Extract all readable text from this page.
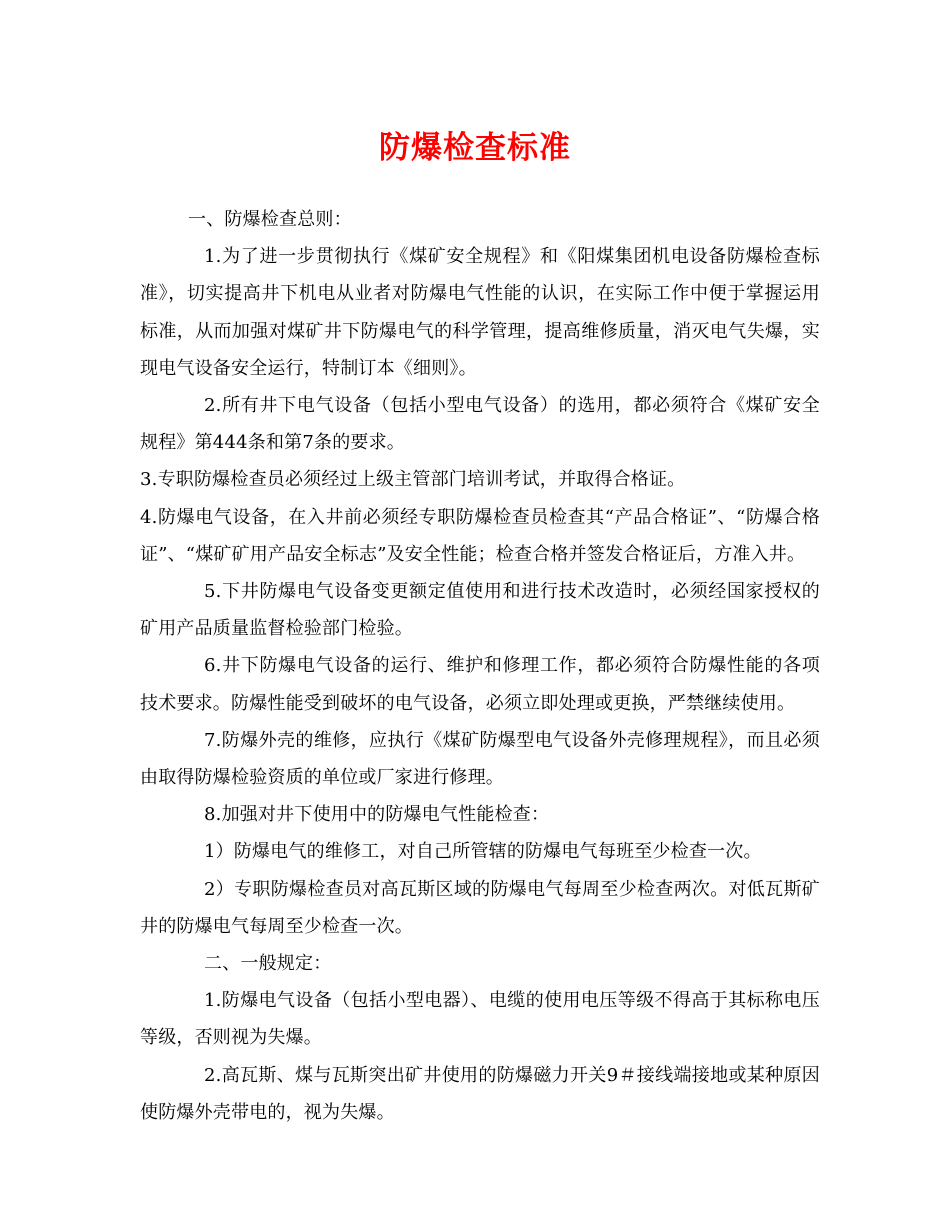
防爆检查标准

一、防爆检查总则：

1.为了进一步贯彻执行《煤矿安全规程》和《阳煤集团机电设备防爆检查标准》，切实提高井下机电从业者对防爆电气性能的认识，在实际工作中便于掌握运用标准，从而加强对煤矿井下防爆电气的科学管理，提高维修质量，消灭电气失爆，实现电气设备安全运行，特制订本《细则》。

2.所有井下电气设备（包括小型电气设备）的选用，都必须符合《煤矿安全规程》第444条和第7条的要求。

3.专职防爆检查员必须经过上级主管部门培训考试，并取得合格证。

4.防爆电气设备，在入井前必须经专职防爆检查员检查其“产品合格证”、“防爆合格证”、“煤矿矿用产品安全标志”及安全性能；检查合格并签发合格证后，方准入井。

5.下井防爆电气设备变更额定值使用和进行技术改造时，必须经国家授权的矿用产品质量监督检验部门检验。

6.井下防爆电气设备的运行、维护和修理工作，都必须符合防爆性能的各项技术要求。防爆性能受到破坏的电气设备，必须立即处理或更换，严禁继续使用。

7.防爆外壳的维修，应执行《煤矿防爆型电气设备外壳修理规程》，而且必须由取得防爆检验资质的单位或厂家进行修理。

8.加强对井下使用中的防爆电气性能检查：

1）防爆电气的维修工，对自己所管辖的防爆电气每班至少检查一次。

2）专职防爆检查员对高瓦斯区域的防爆电气每周至少检查两次。对低瓦斯矿井的防爆电气每周至少检查一次。

二、一般规定：

1.防爆电气设备（包括小型电器）、电缆的使用电压等级不得高于其标称电压等级，否则视为失爆。

2.高瓦斯、煤与瓦斯突出矿井使用的防爆磁力开关9＃接线端接地或某种原因使防爆外壳带电的，视为失爆。
